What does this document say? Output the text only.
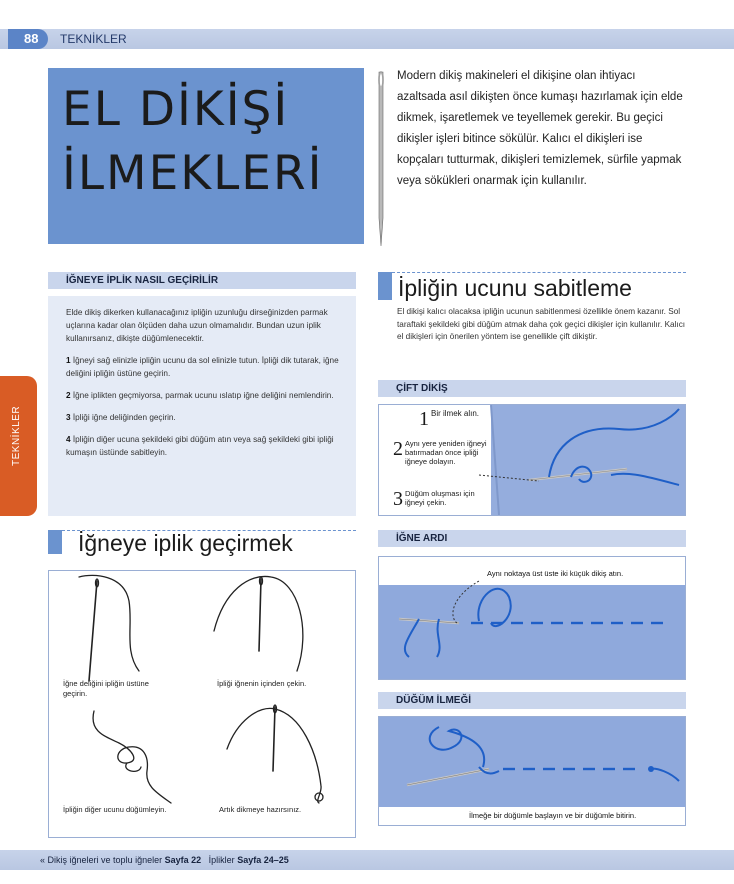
88	TEKNİKLER
EL DİKİŞİ
İLMEKLERİ
Modern dikiş makineleri el dikişine olan ihtiyacı azaltsada asıl dikişten önce kumaşı hazırlamak için elde dikmek, işaretlemek ve teyellemek gerekir. Bu geçici dikişler işleri bitince sökülür. Kalıcı el dikişleri ise kopçaları tutturmak, dikişleri temizlemek, sürfile yapmak veya sökükleri onarmak için kullanılır.
TEKNİKLER
İĞNEYE İPLİK NASIL GEÇİRİLİR

Elde dikiş dikerken kullanacağınız ipliğin uzunluğu dirseğinizden parmak uçlarına kadar olan ölçüden daha uzun olmamalıdır. Bundan uzun iplik kullanırsanız, dikişte düğümlenecektir.

1 İğneyi sağ elinizle ipliğin ucunu da sol elinizle tutun. İpliği dik tutarak, iğne deliğini ipliğin üstüne geçirin.

2 İğne iplikten geçmiyorsa, parmak ucunu ıslatıp iğne deliğini nemlendirin.

3 İpliği iğne deliğinden geçirin.

4 İpliğin diğer ucuna şekildeki gibi düğüm atın veya sağ şekildeki gibi ipliği kumaşın üstünde sabitleyin.

İğneye iplik geçirmek
İğne deliğini ipliğin üstüne geçirin.
İpliği iğnenin içinden çekin.
İpliğin diğer ucunu düğümleyin.	Artık dikmeye hazırsınız.
İpliğin ucunu sabitleme
El dikişi kalıcı olacaksa ipliğin ucunun sabitlenmesi özellikle önem kazanır. Sol taraftaki şekildeki gibi düğüm atmak daha çok geçici dikişler için kullanılır. Kalıcı el dikişleri için önerilen yöntem ise genellikle çift dikiştir.
ÇİFT DİKİŞ
1 Bir ilmek alın.
2 Aynı yere yeniden iğneyi batırmadan önce ipliği iğneye dolayın.
3 Düğüm oluşması için iğneyi çekin.
İĞNE ARDI
Aynı noktaya üst üste iki küçük dikiş atın.
DÜĞÜM İLMEĞİ
İlmeğe bir düğümle başlayın ve bir düğümle bitirin.
« Dikiş iğneleri ve toplu iğneler Sayfa 22 İplikler Sayfa 24–25
